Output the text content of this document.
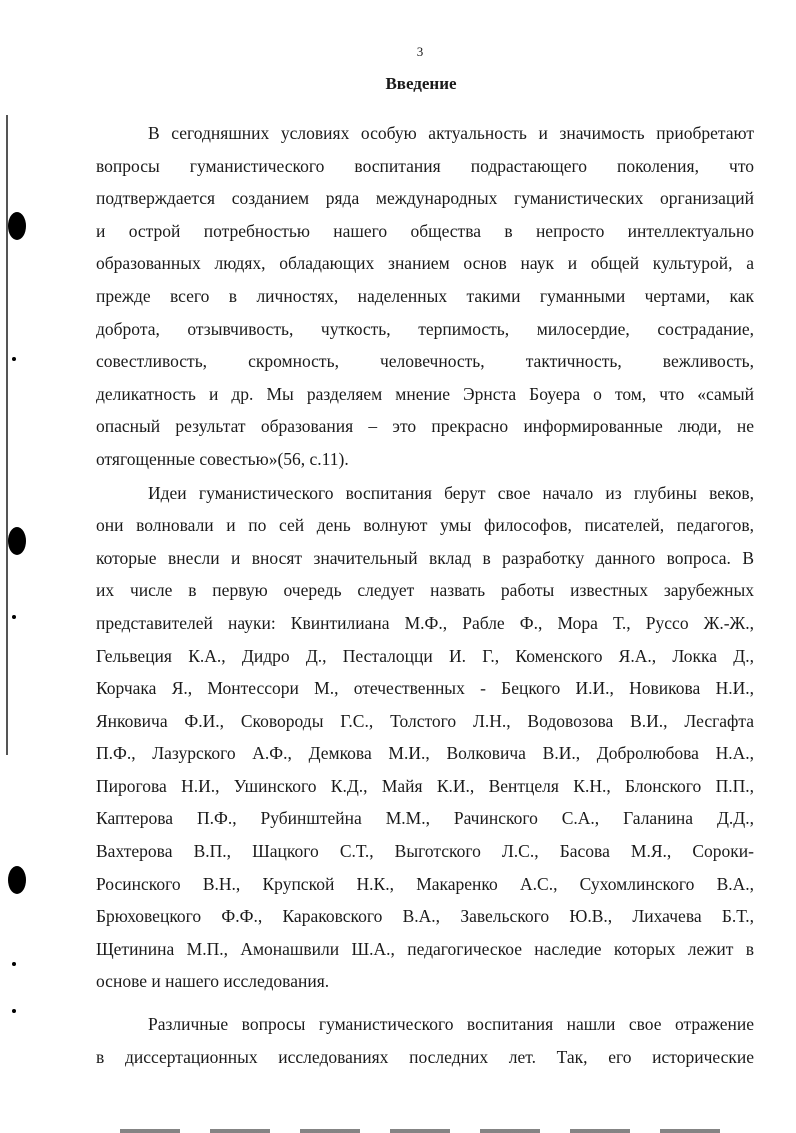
3
Введение
В сегодняшних условиях особую актуальность и значимость приобретают
вопросы гуманистического воспитания подрастающего поколения, что
подтверждается созданием ряда международных гуманистических организаций
и острой потребностью нашего общества в непросто интеллектуально
образованных людях, обладающих знанием основ наук и общей культурой, а
прежде всего в личностях, наделенных такими гуманными чертами, как
доброта, отзывчивость, чуткость, терпимость, милосердие, сострадание,
совестливость, скромность, человечность, тактичность, вежливость,
деликатность и др. Мы разделяем мнение Эрнста Боуера о том, что «самый
опасный результат образования – это прекрасно информированные люди, не
отягощенные совестью»(56, с.11).
Идеи гуманистического воспитания берут свое начало из глубины веков,
они волновали и по сей день волнуют умы философов, писателей, педагогов,
которые внесли и вносят значительный вклад в разработку данного вопроса. В
их числе в первую очередь следует назвать работы известных зарубежных
представителей науки: Квинтилиана М.Ф., Рабле Ф., Мора Т., Руссо Ж.-Ж.,
Гельвеция К.А., Дидро Д., Песталоцци И. Г., Коменского Я.А., Локка Д.,
Корчака Я., Монтессори М., отечественных - Бецкого И.И., Новикова Н.И.,
Янковича Ф.И., Сковороды Г.С., Толстого Л.Н., Водовозова В.И., Лесгафта
П.Ф., Лазурского А.Ф., Демкова М.И., Волковича В.И., Добролюбова Н.А.,
Пирогова Н.И., Ушинского К.Д., Майя К.И., Вентцеля К.Н., Блонского П.П.,
Каптерова П.Ф., Рубинштейна М.М., Рачинского С.А., Галанина Д.Д.,
Вахтерова В.П., Шацкого С.Т., Выготского Л.С., Басова М.Я., Сороки-
Росинского В.Н., Крупской Н.К., Макаренко А.С., Сухомлинского В.А.,
Брюховецкого Ф.Ф., Караковского В.А., Завельского Ю.В., Лихачева Б.Т.,
Щетинина М.П., Амонашвили Ш.А., педагогическое наследие которых лежит в
основе и нашего исследования.
Различные вопросы гуманистического воспитания нашли свое отражение
в диссертационных исследованиях последних лет. Так, его исторические
